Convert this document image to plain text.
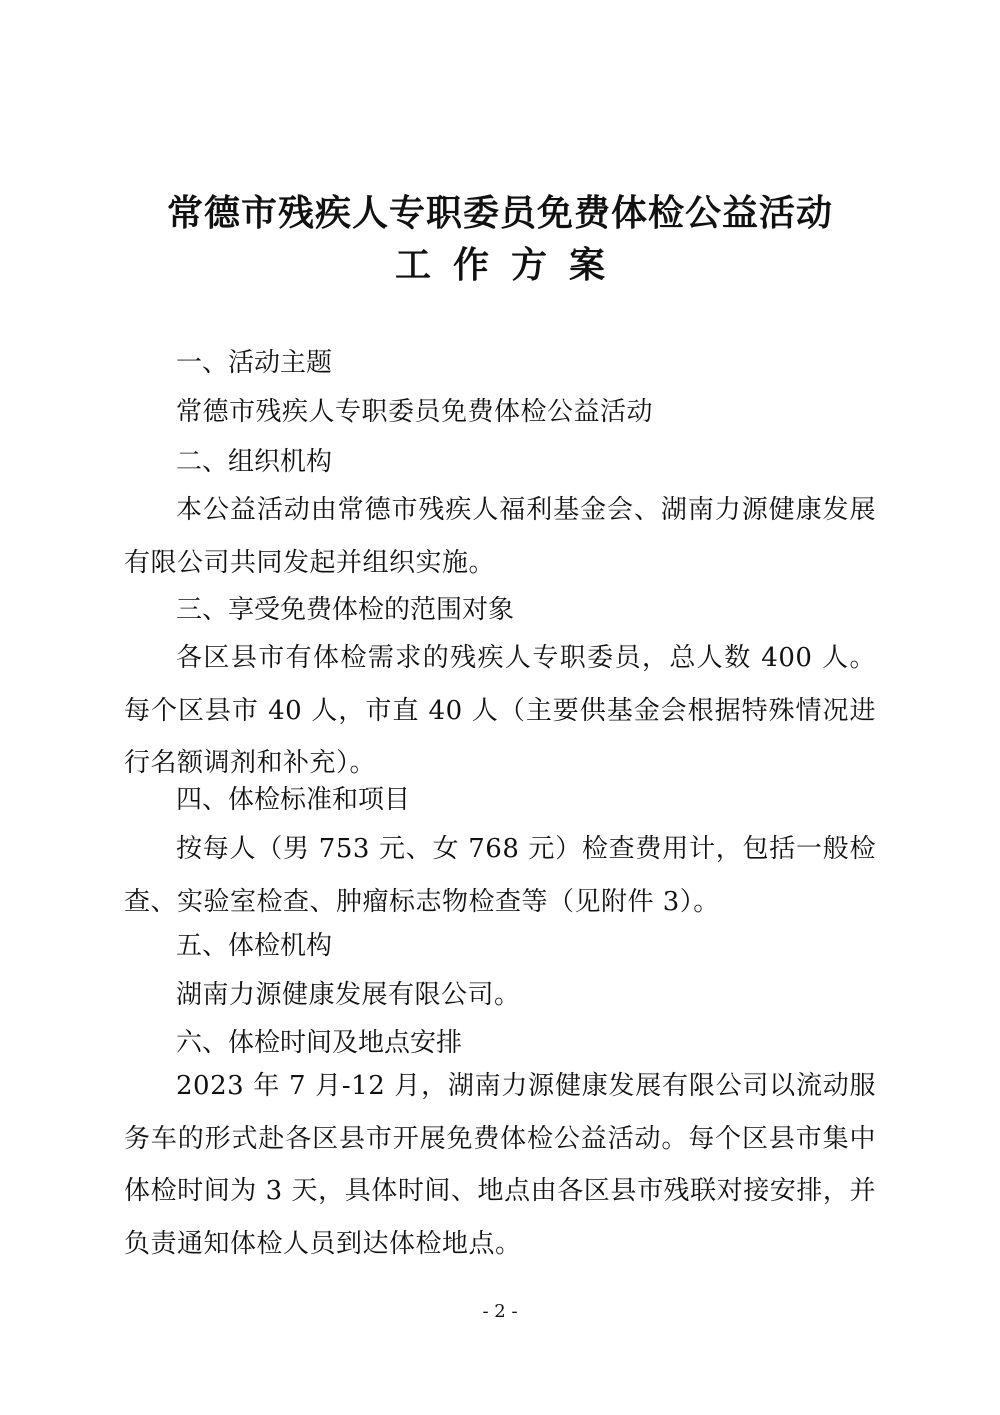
常德市残疾人专职委员免费体检公益活动
工作方案
一、活动主题
常德市残疾人专职委员免费体检公益活动
二、组织机构
本公益活动由常德市残疾人福利基金会、湖南力源健康发展有限公司共同发起并组织实施。
三、享受免费体检的范围对象
各区县市有体检需求的残疾人专职委员，总人数 400 人。每个区县市 40 人，市直 40 人（主要供基金会根据特殊情况进行名额调剂和补充）。
四、体检标准和项目
按每人（男 753 元、女 768 元）检查费用计，包括一般检查、实验室检查、肿瘤标志物检查等（见附件 3）。
五、体检机构
湖南力源健康发展有限公司。
六、体检时间及地点安排
2023 年 7 月-12 月，湖南力源健康发展有限公司以流动服务车的形式赴各区县市开展免费体检公益活动。每个区县市集中体检时间为 3 天，具体时间、地点由各区县市残联对接安排，并负责通知体检人员到达体检地点。
- 2 -
